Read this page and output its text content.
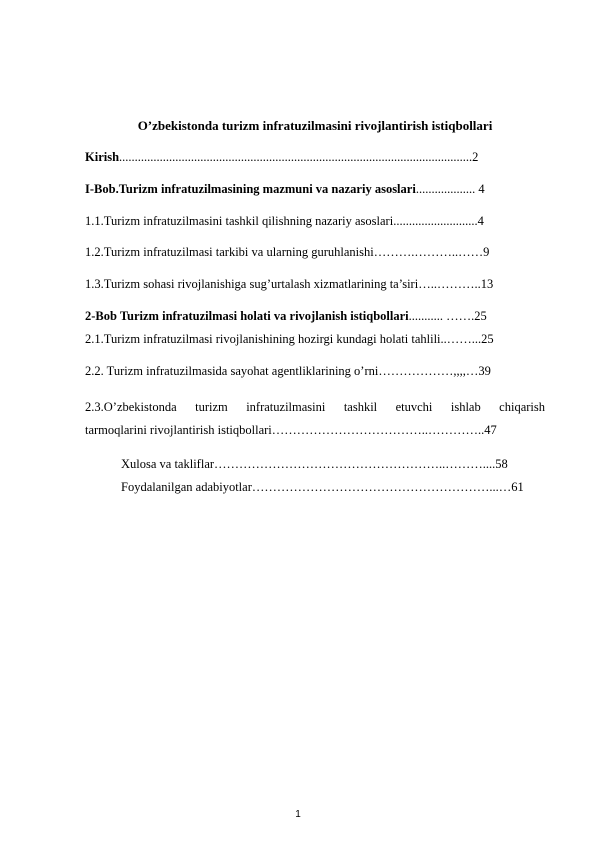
O’zbekistonda turizm infratuzilmasini rivojlantirish istiqbollari
Kirish.................................................................................................................2
I-Bob.Turizm infratuzilmasining mazmuni va nazariy asoslari................... 4
1.1.Turizm infratuzilmasini tashkil qilishning nazariy asoslari...........................4
1.2.Turizm infratuzilmasi tarkibi va ularning guruhlanishi……….………..……9
1.3.Turizm sohasi rivojlanishiga sug’urtalash xizmatlarining ta’siri…..………..13
2-Bob Turizm infratuzilmasi holati va rivojlanish istiqbollari........... …….25
2.1.Turizm infratuzilmasi rivojlanishining hozirgi kundagi holati tahlili..……...25
2.2. Turizm infratuzilmasida sayohat agentliklarining o’rni………………,,,,…39
2.3.O’zbekistonda turizm infratuzilmasini tashkil etuvchi ishlab chiqarish
tarmoqlarini rivojlantirish istiqbollari………………………………..…………..47
Xulosa va takliflar………………………………………………..………....58
Foydalanilgan adabiyotlar…………………………………………………...…61
1
